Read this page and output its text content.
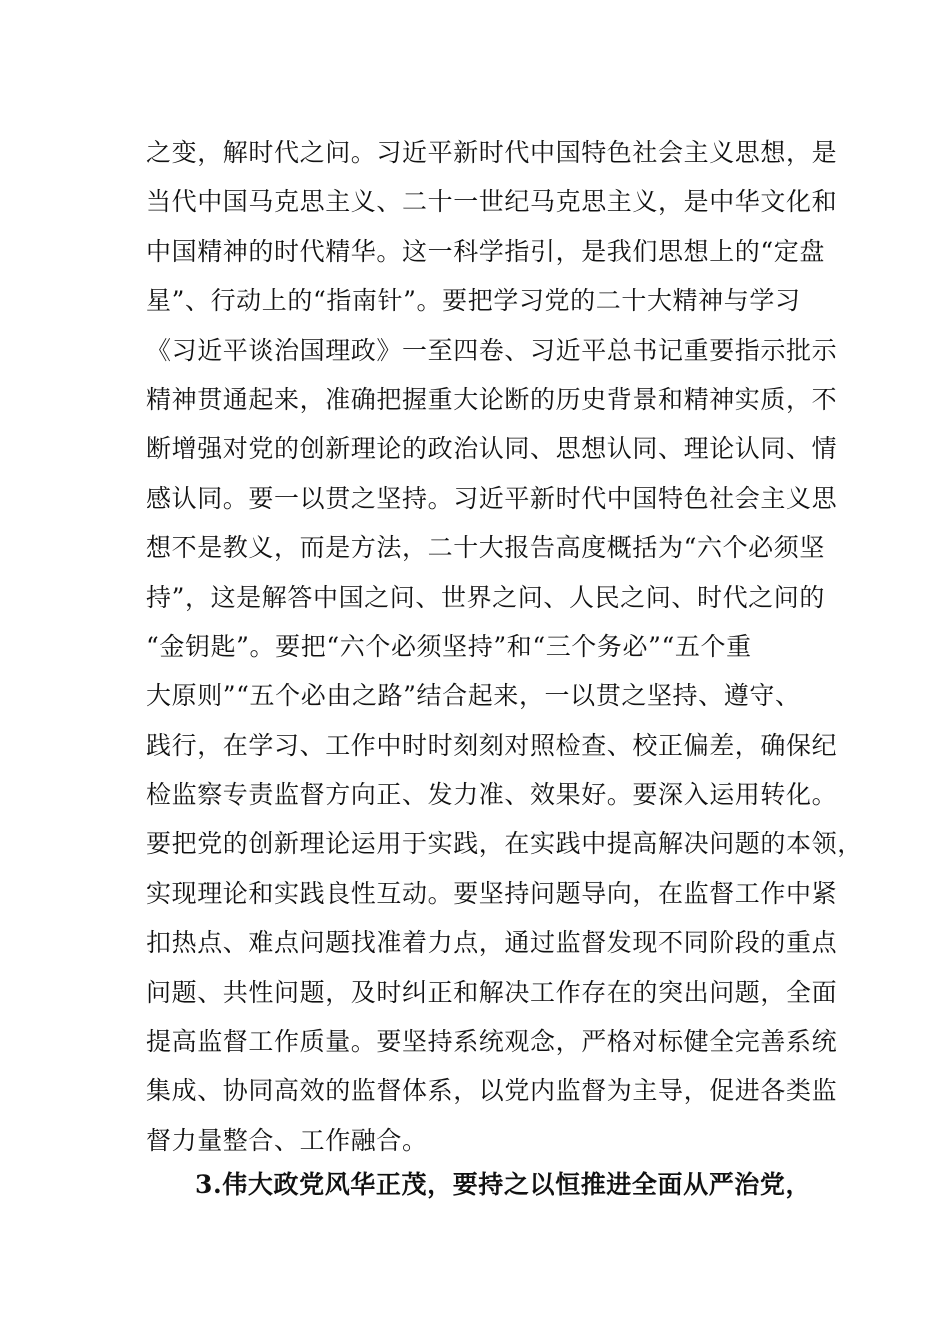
之变，解时代之问。习近平新时代中国特色社会主义思想，是
当代中国马克思主义、二十一世纪马克思主义，是中华文化和
中国精神的时代精华。这一科学指引，是我们思想上的“定盘
星”、行动上的“指南针”。要把学习党的二十大精神与学习
《习近平谈治国理政》一至四卷、习近平总书记重要指示批示
精神贯通起来，准确把握重大论断的历史背景和精神实质，不
断增强对党的创新理论的政治认同、思想认同、理论认同、情
感认同。要一以贯之坚持。习近平新时代中国特色社会主义思
想不是教义，而是方法，二十大报告高度概括为“六个必须坚
持”，这是解答中国之问、世界之问、人民之问、时代之问的
“金钥匙”。要把“六个必须坚持”和“三个务必”“五个重
大原则”“五个必由之路”结合起来，一以贯之坚持、遵守、
践行，在学习、工作中时时刻刻对照检查、校正偏差，确保纪
检监察专责监督方向正、发力准、效果好。要深入运用转化。
要把党的创新理论运用于实践，在实践中提高解决问题的本领，
实现理论和实践良性互动。要坚持问题导向，在监督工作中紧
扣热点、难点问题找准着力点，通过监督发现不同阶段的重点
问题、共性问题，及时纠正和解决工作存在的突出问题，全面
提高监督工作质量。要坚持系统观念，严格对标健全完善系统
集成、协同高效的监督体系，以党内监督为主导，促进各类监
督力量整合、工作融合。
3.伟大政党风华正茂，要持之以恒推进全面从严治党，
